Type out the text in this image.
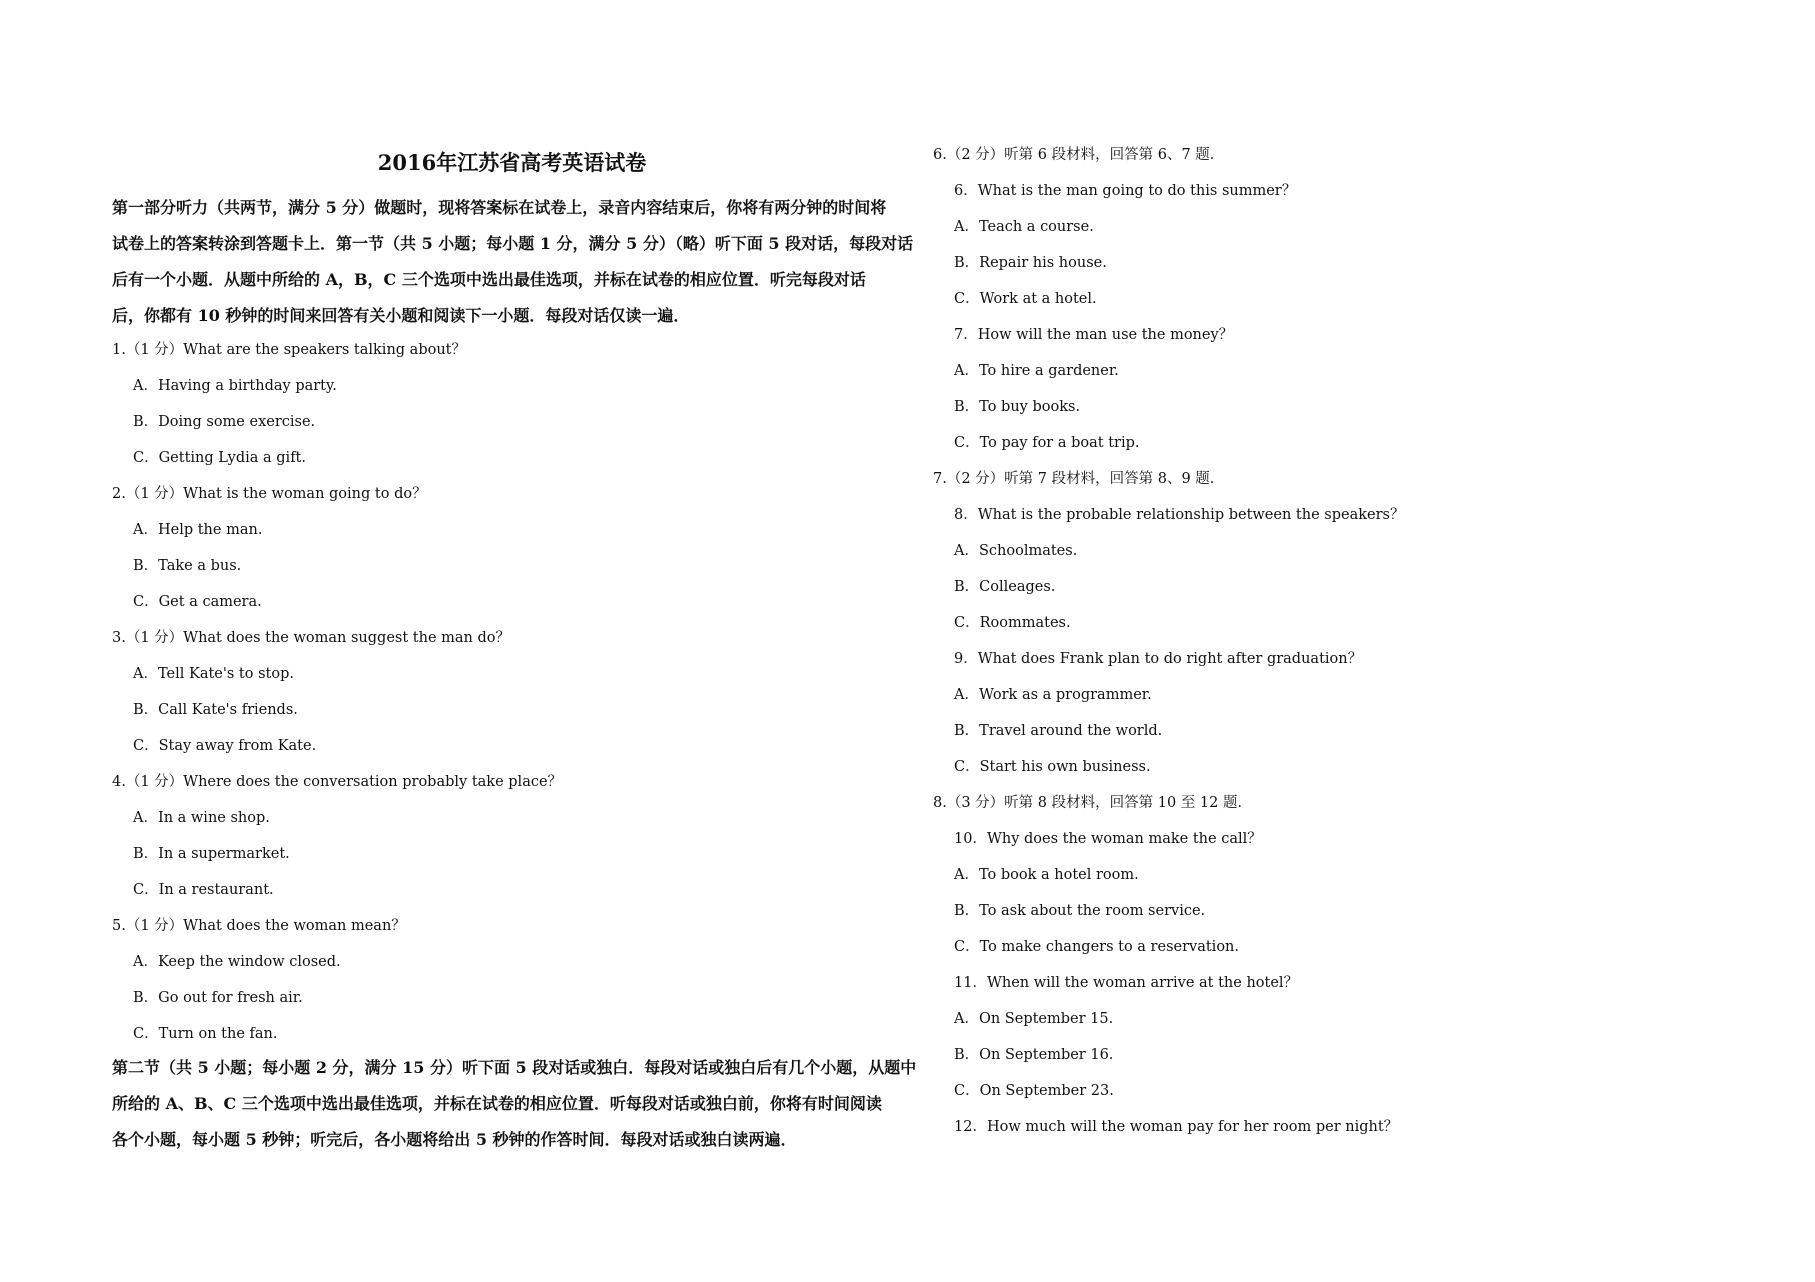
2016年江苏省高考英语试卷
第一部分听力（共两节，满分 5 分）做题时，现将答案标在试卷上，录音内容结束后，你将有两分钟的时间将
试卷上的答案转涂到答题卡上．第一节（共 5 小题；每小题 1 分，满分 5 分）（略）听下面 5 段对话，每段对话
后有一个小题．从题中所给的 A，B，C 三个选项中选出最佳选项，并标在试卷的相应位置．听完每段对话
后，你都有 10 秒钟的时间来回答有关小题和阅读下一小题．每段对话仅读一遍．
1.（1 分）What are the speakers talking about？
A．Having a birthday party.
B．Doing some exercise.
C．Getting Lydia a gift.
2.（1 分）What is the woman going to do？
A．Help the man.
B．Take a bus.
C．Get a camera.
3.（1 分）What does the woman suggest the man do？
A．Tell Kate's to stop.
B．Call Kate's friends.
C．Stay away from Kate.
4.（1 分）Where does the conversation probably take place？
A．In a wine shop.
B．In a supermarket.
C．In a restaurant.
5.（1 分）What does the woman mean？
A．Keep the window closed.
B．Go out for fresh air.
C．Turn on the fan.
第二节（共 5 小题；每小题 2 分，满分 15 分）听下面 5 段对话或独白．每段对话或独白后有几个小题，从题中
所给的 A、B、C 三个选项中选出最佳选项，并标在试卷的相应位置．听每段对话或独白前，你将有时间阅读
各个小题，每小题 5 秒钟；听完后，各小题将给出 5 秒钟的作答时间．每段对话或独白读两遍．
6.（2 分）听第 6 段材料，回答第 6、7 题．
6．What is the man going to do this summer？
A．Teach a course.
B．Repair his house.
C．Work at a hotel.
7．How will the man use the money？
A．To hire a gardener.
B．To buy books.
C．To pay for a boat trip.
7.（2 分）听第 7 段材料，回答第 8、9 题．
8．What is the probable relationship between the speakers？
A．Schoolmates.
B．Colleages.
C．Roommates.
9．What does Frank plan to do right after graduation？
A．Work as a programmer.
B．Travel around the world.
C．Start his own business.
8.（3 分）听第 8 段材料，回答第 10 至 12 题．
10．Why does the woman make the call？
A．To book a hotel room.
B．To ask about the room service.
C．To make changers to a reservation.
11．When will the woman arrive at the hotel？
A．On September 15.
B．On September 16.
C．On September 23.
12．How much will the woman pay for her room per night？
